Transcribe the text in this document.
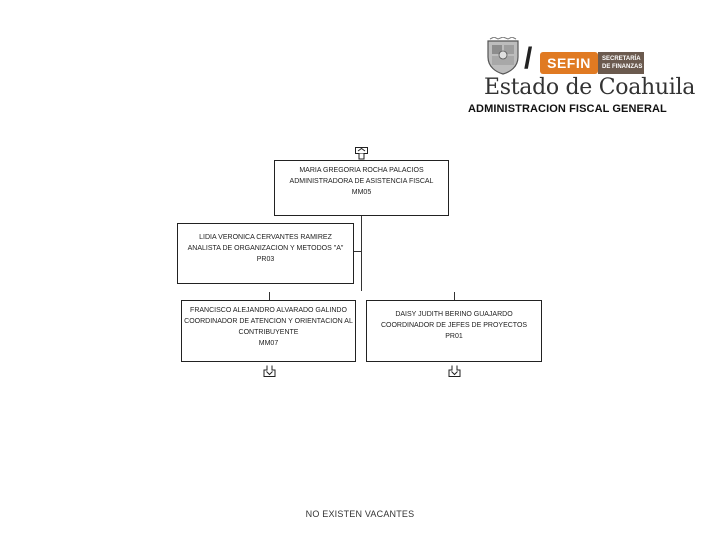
/	SEFIN	SECRETARÍA
DE FINANZAS
Estado de Coahuila
ADMINISTRACION FISCAL GENERAL
MARIA GREGORIA ROCHA PALACIOS
ADMINISTRADORA DE ASISTENCIA FISCAL
MM05
LIDIA VERONICA CERVANTES RAMIREZ
ANALISTA DE ORGANIZACION Y METODOS "A"
PR03
FRANCISCO ALEJANDRO ALVARADO GALINDO
COORDINADOR DE ATENCION Y ORIENTACION AL
CONTRIBUYENTE
MM07
DAISY JUDITH BERINO GUAJARDO
COORDINADOR DE JEFES DE PROYECTOS
PR01
NO EXISTEN VACANTES
